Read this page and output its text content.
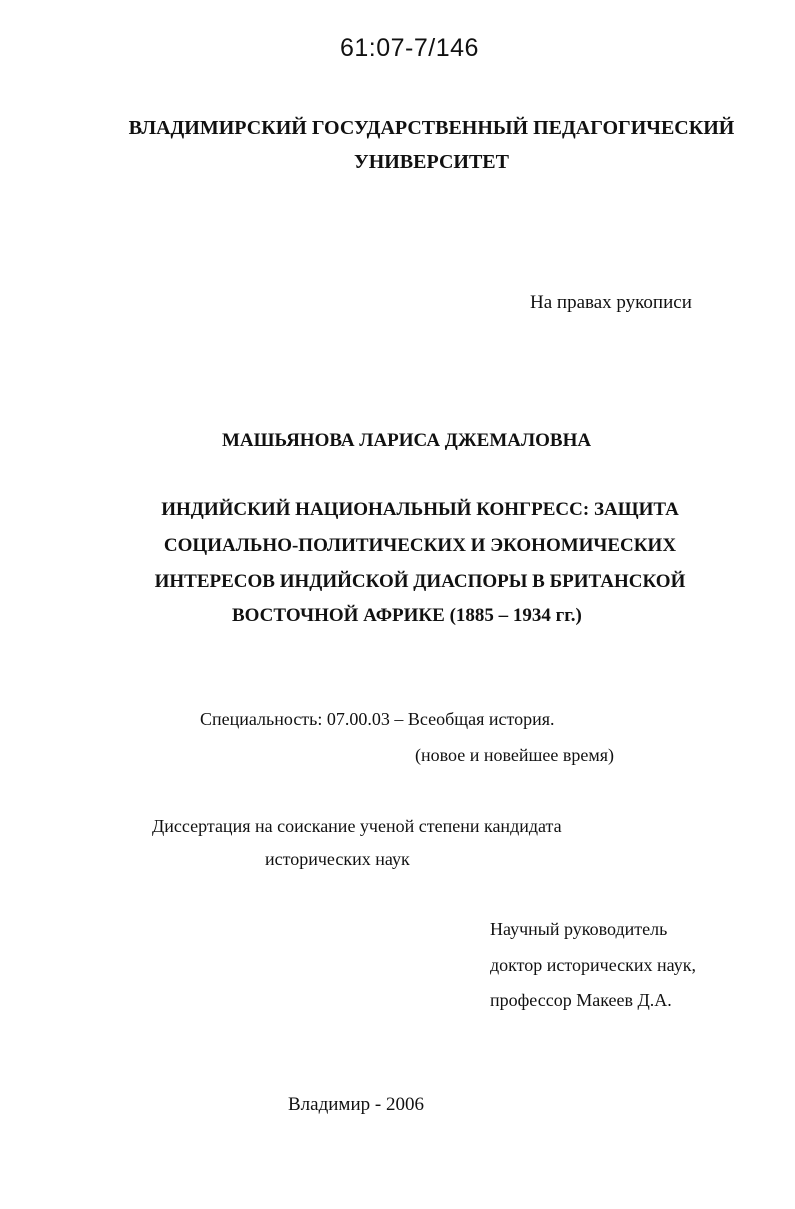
61:07-7/146
ВЛАДИМИРСКИЙ ГОСУДАРСТВЕННЫЙ ПЕДАГОГИЧЕСКИЙ
УНИВЕРСИТЕТ
На правах рукописи
МАШЬЯНОВА ЛАРИСА ДЖЕМАЛОВНА
ИНДИЙСКИЙ НАЦИОНАЛЬНЫЙ КОНГРЕСС: ЗАЩИТА
СОЦИАЛЬНО-ПОЛИТИЧЕСКИХ И ЭКОНОМИЧЕСКИХ
ИНТЕРЕСОВ ИНДИЙСКОЙ ДИАСПОРЫ В БРИТАНСКОЙ
ВОСТОЧНОЙ АФРИКЕ (1885 – 1934 гг.)
Специальность: 07.00.03 – Всеобщая история.
(новое и новейшее время)
Диссертация на соискание ученой степени кандидата
исторических наук
Научный руководитель
доктор исторических наук,
профессор Макеев Д.А.
Владимир - 2006
